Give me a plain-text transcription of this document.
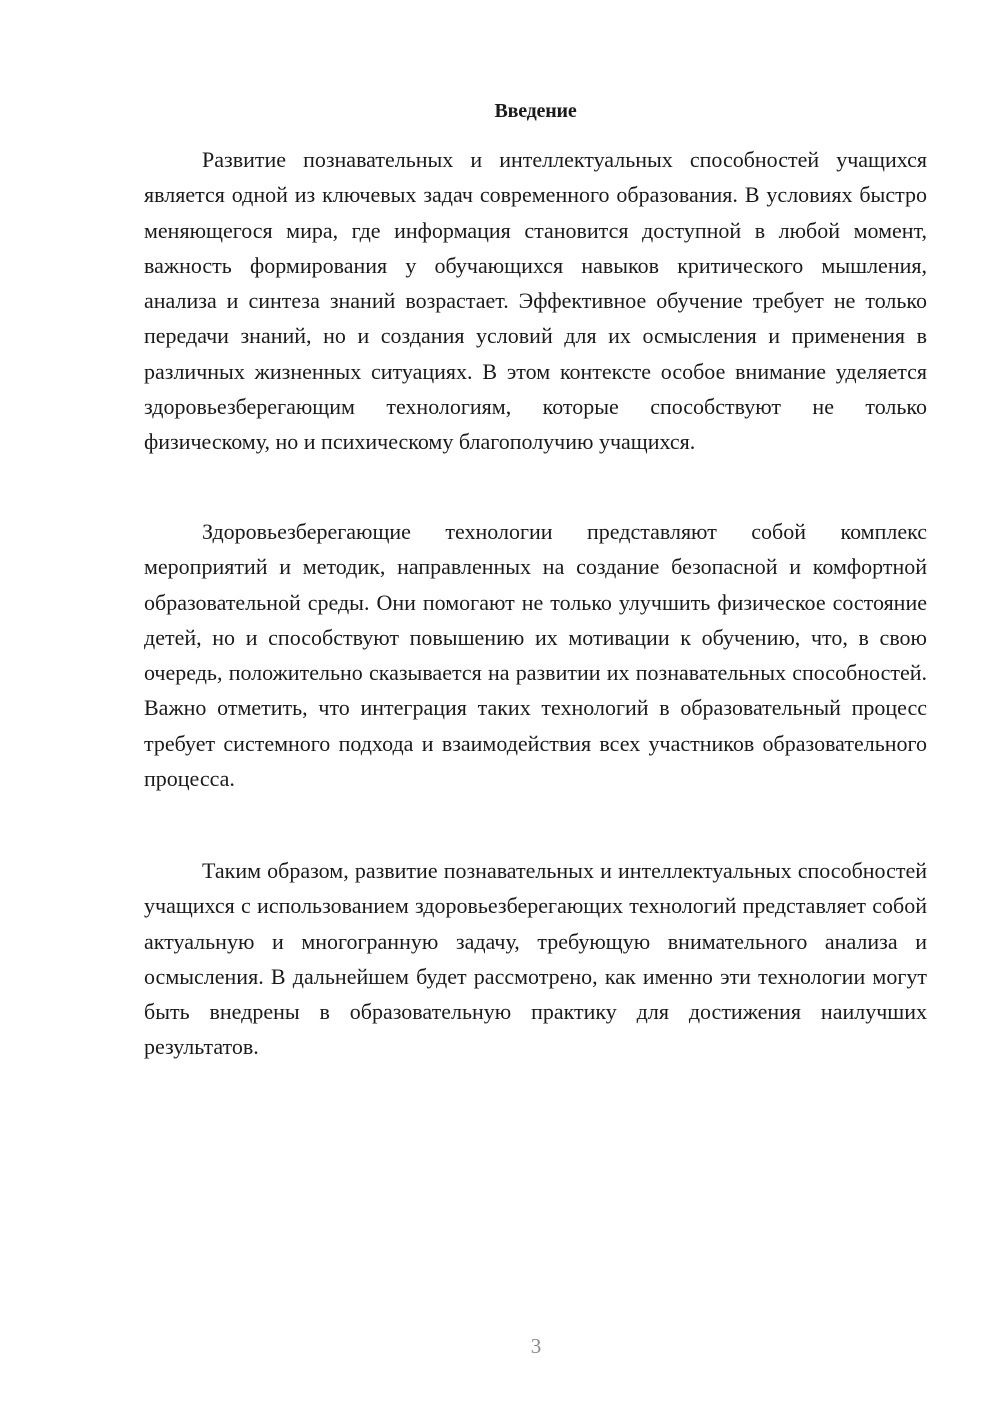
Введение

Развитие познавательных и интеллектуальных способностей учащихся является одной из ключевых задач современного образования. В условиях быстро меняющегося мира, где информация становится доступной в любой момент, важность формирования у обучающихся навыков критического мышления, анализа и синтеза знаний возрастает. Эффективное обучение требует не только передачи знаний, но и создания условий для их осмысления и применения в различных жизненных ситуациях. В этом контексте особое внимание уделяется здоровьезберегающим технологиям, которые способствуют не только физическому, но и психическому благополучию учащихся.

Здоровьезберегающие технологии представляют собой комплекс мероприятий и методик, направленных на создание безопасной и комфортной образовательной среды. Они помогают не только улучшить физическое состояние детей, но и способствуют повышению их мотивации к обучению, что, в свою очередь, положительно сказывается на развитии их познавательных способностей. Важно отметить, что интеграция таких технологий в образовательный процесс требует системного подхода и взаимодействия всех участников образовательного процесса.

Таким образом, развитие познавательных и интеллектуальных способностей учащихся с использованием здоровьезберегающих технологий представляет собой актуальную и многогранную задачу, требующую внимательного анализа и осмысления. В дальнейшем будет рассмотрено, как именно эти технологии могут быть внедрены в образовательную практику для достижения наилучших результатов.

3
